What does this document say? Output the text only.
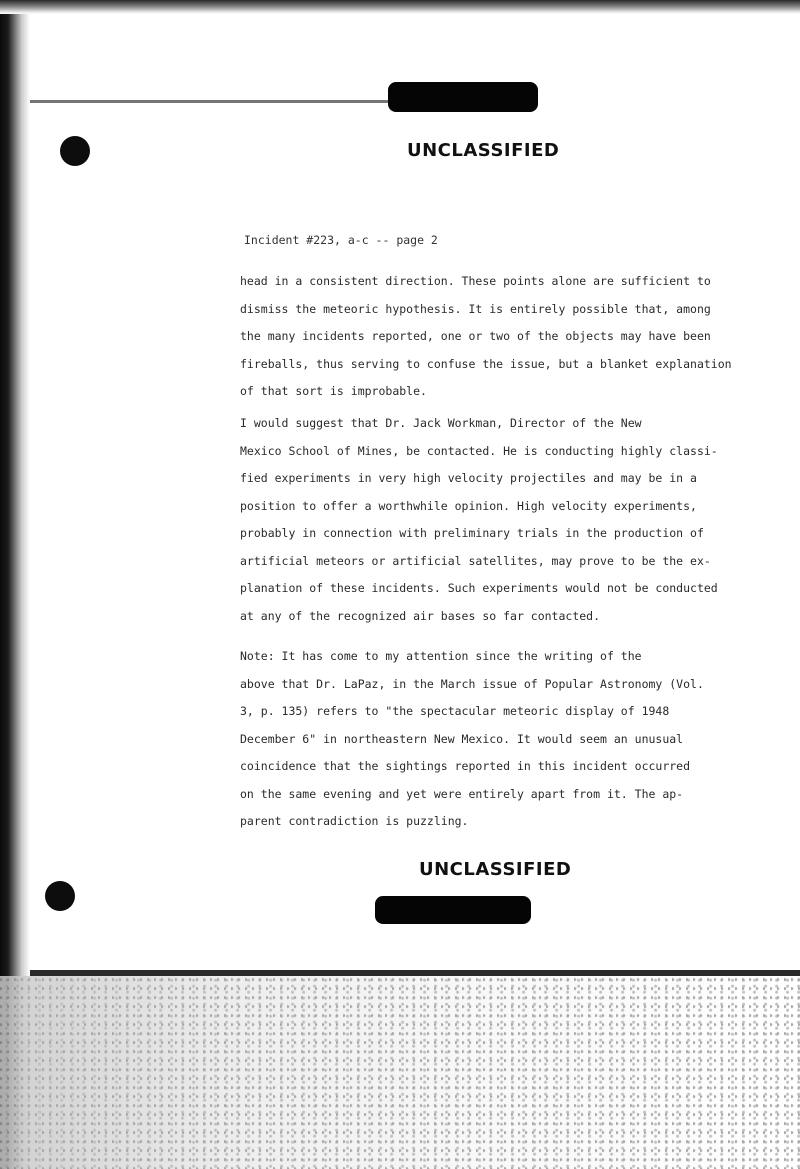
UNCLASSIFIED

Incident #223, a-c -- page 2

head in a consistent direction. These points alone are sufficient to
dismiss the meteoric hypothesis. It is entirely possible that, among
the many incidents reported, one or two of the objects may have been
fireballs, thus serving to confuse the issue, but a blanket explanation
of that sort is improbable.

I would suggest that Dr. Jack Workman, Director of the New
Mexico School of Mines, be contacted. He is conducting highly classi-
fied experiments in very high velocity projectiles and may be in a
position to offer a worthwhile opinion. High velocity experiments,
probably in connection with preliminary trials in the production of
artificial meteors or artificial satellites, may prove to be the ex-
planation of these incidents. Such experiments would not be conducted
at any of the recognized air bases so far contacted.

Note: It has come to my attention since the writing of the
above that Dr. LaPaz, in the March issue of Popular Astronomy (Vol.
3, p. 135) refers to "the spectacular meteoric display of 1948
December 6" in northeastern New Mexico. It would seem an unusual
coincidence that the sightings reported in this incident occurred
on the same evening and yet were entirely apart from it. The ap-
parent contradiction is puzzling.

UNCLASSIFIED
